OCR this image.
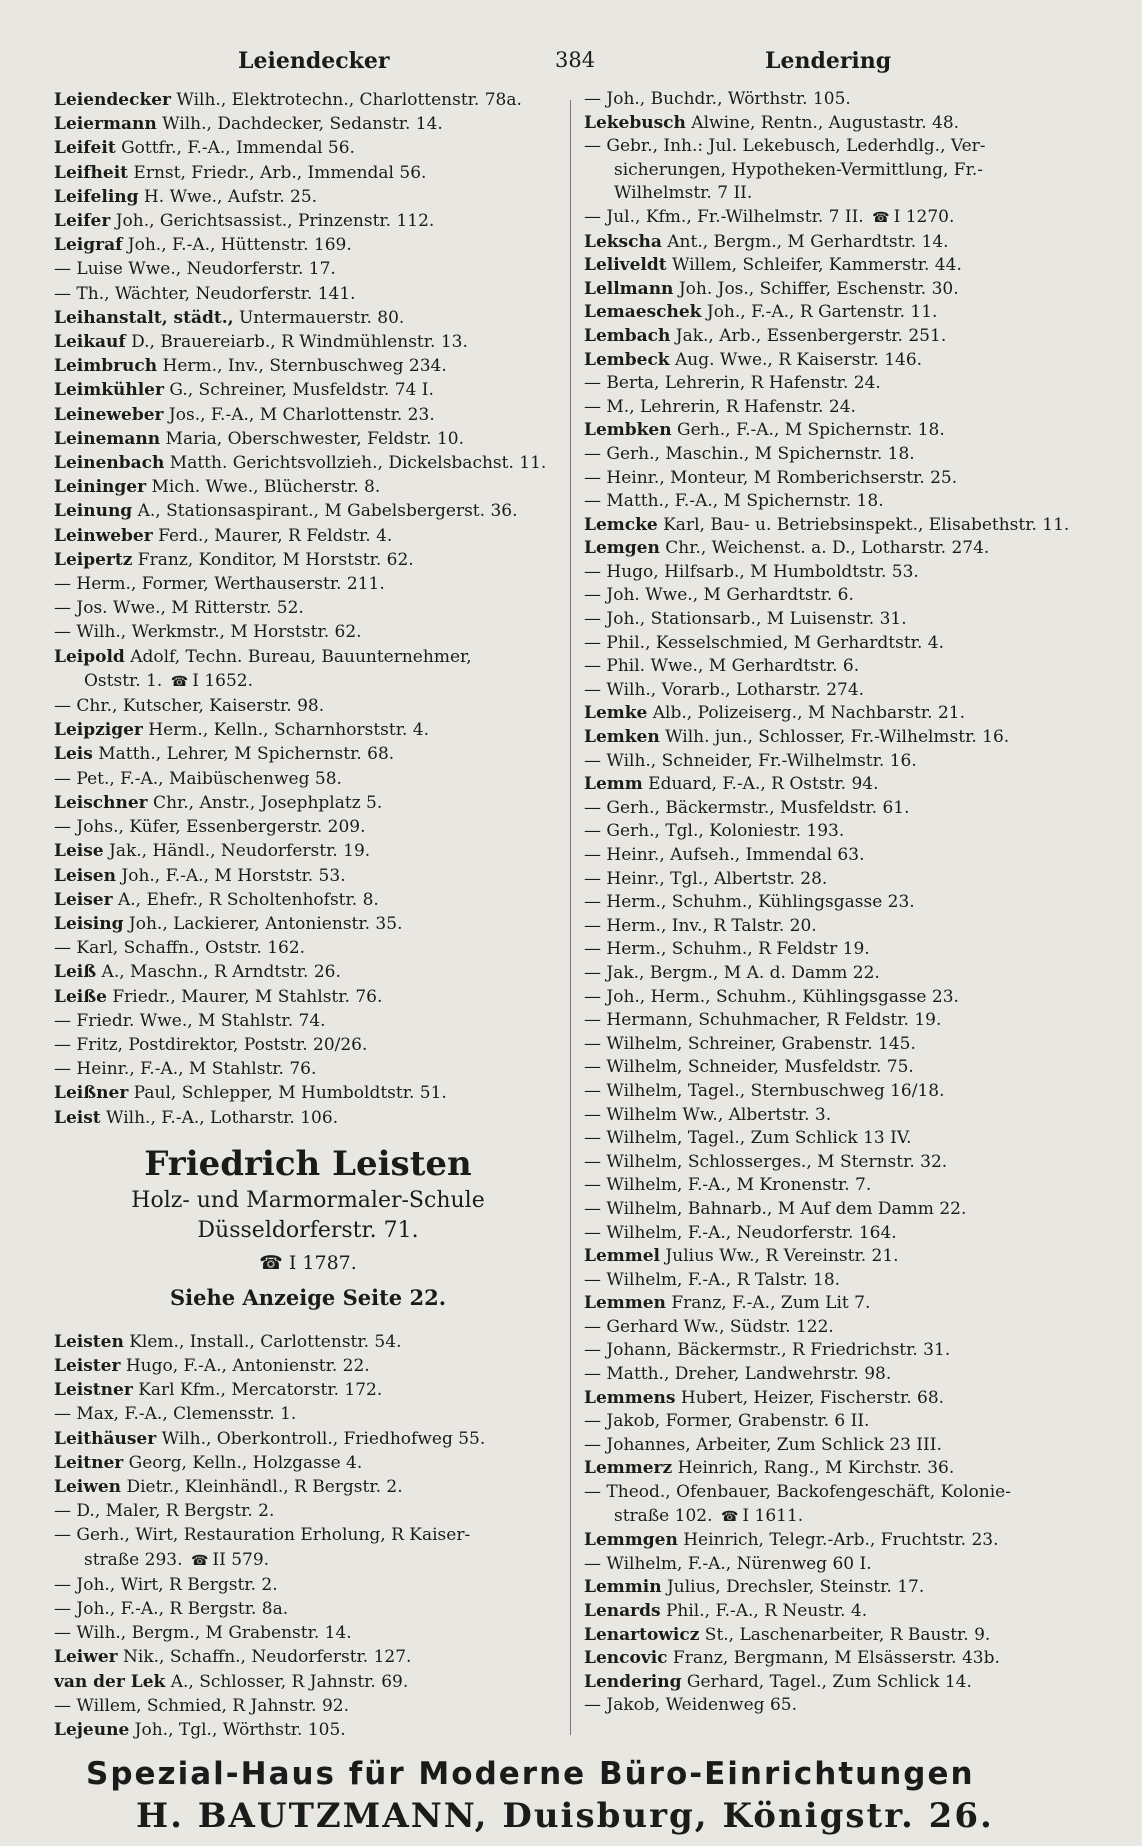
Leiendecker	384	Lendering
Leiendecker Wilh., Elektrotechn., Charlottenstr. 78a.
Leiermann Wilh., Dachdecker, Sedanstr. 14.
Leifeit Gottfr., F.-A., Immendal 56.
Leifheit Ernst, Friedr., Arb., Immendal 56.
Leifeling H. Wwe., Aufstr. 25.
Leifer Joh., Gerichtsassist., Prinzenstr. 112.
Leigraf Joh., F.-A., Hüttenstr. 169.
— Luise Wwe., Neudorferstr. 17.
— Th., Wächter, Neudorferstr. 141.
Leihanstalt, städt., Untermauerstr. 80.
Leikauf D., Brauereiarb., R Windmühlenstr. 13.
Leimbruch Herm., Inv., Sternbuschweg 234.
Leimkühler G., Schreiner, Musfeldstr. 74 I.
Leineweber Jos., F.-A., M Charlottenstr. 23.
Leinemann Maria, Oberschwester, Feldstr. 10.
Leinenbach Matth. Gerichtsvollzieh., Dickelsbachst. 11.
Leininger Mich. Wwe., Blücherstr. 8.
Leinung A., Stationsaspirant., M Gabelsbergerst. 36.
Leinweber Ferd., Maurer, R Feldstr. 4.
Leipertz Franz, Konditor, M Horststr. 62.
— Herm., Former, Werthauserstr. 211.
— Jos. Wwe., M Ritterstr. 52.
— Wilh., Werkmstr., M Horststr. 62.
Leipold Adolf, Techn. Bureau, Bauunternehmer,
Oststr. 1. ☎ I 1652.
— Chr., Kutscher, Kaiserstr. 98.
Leipziger Herm., Kelln., Scharnhorststr. 4.
Leis Matth., Lehrer, M Spichernstr. 68.
— Pet., F.-A., Maibüschenweg 58.
Leischner Chr., Anstr., Josephplatz 5.
— Johs., Küfer, Essenbergerstr. 209.
Leise Jak., Händl., Neudorferstr. 19.
Leisen Joh., F.-A., M Horststr. 53.
Leiser A., Ehefr., R Scholtenhofstr. 8.
Leising Joh., Lackierer, Antonienstr. 35.
— Karl, Schaffn., Oststr. 162.
Leiß A., Maschn., R Arndtstr. 26.
Leiße Friedr., Maurer, M Stahlstr. 76.
— Friedr. Wwe., M Stahlstr. 74.
— Fritz, Postdirektor, Poststr. 20/26.
— Heinr., F.-A., M Stahlstr. 76.
Leißner Paul, Schlepper, M Humboldtstr. 51.
Leist Wilh., F.-A., Lotharstr. 106.
Friedrich Leisten
Holz- und Marmormaler-Schule
Düsseldorferstr. 71.
☎ I 1787.
Siehe Anzeige Seite 22.
Leisten Klem., Install., Carlottenstr. 54.
Leister Hugo, F.-A., Antonienstr. 22.
Leistner Karl Kfm., Mercatorstr. 172.
— Max, F.-A., Clemensstr. 1.
Leithäuser Wilh., Oberkontroll., Friedhofweg 55.
Leitner Georg, Kelln., Holzgasse 4.
Leiwen Dietr., Kleinhändl., R Bergstr. 2.
— D., Maler, R Bergstr. 2.
— Gerh., Wirt, Restauration Erholung, R Kaiser-
straße 293. ☎ II 579.
— Joh., Wirt, R Bergstr. 2.
— Joh., F.-A., R Bergstr. 8a.
— Wilh., Bergm., M Grabenstr. 14.
Leiwer Nik., Schaffn., Neudorferstr. 127.
van der Lek A., Schlosser, R Jahnstr. 69.
— Willem, Schmied, R Jahnstr. 92.
Lejeune Joh., Tgl., Wörthstr. 105.
— Joh., Buchdr., Wörthstr. 105.
Lekebusch Alwine, Rentn., Augustastr. 48.
— Gebr., Inh.: Jul. Lekebusch, Lederhdlg., Ver-
sicherungen, Hypotheken-Vermittlung, Fr.-
Wilhelmstr. 7 II.
— Jul., Kfm., Fr.-Wilhelmstr. 7 II. ☎ I 1270.
Lekscha Ant., Bergm., M Gerhardtstr. 14.
Leliveldt Willem, Schleifer, Kammerstr. 44.
Lellmann Joh. Jos., Schiffer, Eschenstr. 30.
Lemaeschek Joh., F.-A., R Gartenstr. 11.
Lembach Jak., Arb., Essenbergerstr. 251.
Lembeck Aug. Wwe., R Kaiserstr. 146.
— Berta, Lehrerin, R Hafenstr. 24.
— M., Lehrerin, R Hafenstr. 24.
Lembken Gerh., F.-A., M Spichernstr. 18.
— Gerh., Maschin., M Spichernstr. 18.
— Heinr., Monteur, M Romberichserstr. 25.
— Matth., F.-A., M Spichernstr. 18.
Lemcke Karl, Bau- u. Betriebsinspekt., Elisabethstr. 11.
Lemgen Chr., Weichenst. a. D., Lotharstr. 274.
— Hugo, Hilfsarb., M Humboldtstr. 53.
— Joh. Wwe., M Gerhardtstr. 6.
— Joh., Stationsarb., M Luisenstr. 31.
— Phil., Kesselschmied, M Gerhardtstr. 4.
— Phil. Wwe., M Gerhardtstr. 6.
— Wilh., Vorarb., Lotharstr. 274.
Lemke Alb., Polizeiserg., M Nachbarstr. 21.
Lemken Wilh. jun., Schlosser, Fr.-Wilhelmstr. 16.
— Wilh., Schneider, Fr.-Wilhelmstr. 16.
Lemm Eduard, F.-A., R Oststr. 94.
— Gerh., Bäckermstr., Musfeldstr. 61.
— Gerh., Tgl., Koloniestr. 193.
— Heinr., Aufseh., Immendal 63.
— Heinr., Tgl., Albertstr. 28.
— Herm., Schuhm., Kühlingsgasse 23.
— Herm., Inv., R Talstr. 20.
— Herm., Schuhm., R Feldstr 19.
— Jak., Bergm., M A. d. Damm 22.
— Joh., Herm., Schuhm., Kühlingsgasse 23.
— Hermann, Schuhmacher, R Feldstr. 19.
— Wilhelm, Schreiner, Grabenstr. 145.
— Wilhelm, Schneider, Musfeldstr. 75.
— Wilhelm, Tagel., Sternbuschweg 16/18.
— Wilhelm Ww., Albertstr. 3.
— Wilhelm, Tagel., Zum Schlick 13 IV.
— Wilhelm, Schlosserges., M Sternstr. 32.
— Wilhelm, F.-A., M Kronenstr. 7.
— Wilhelm, Bahnarb., M Auf dem Damm 22.
— Wilhelm, F.-A., Neudorferstr. 164.
Lemmel Julius Ww., R Vereinstr. 21.
— Wilhelm, F.-A., R Talstr. 18.
Lemmen Franz, F.-A., Zum Lit 7.
— Gerhard Ww., Südstr. 122.
— Johann, Bäckermstr., R Friedrichstr. 31.
— Matth., Dreher, Landwehrstr. 98.
Lemmens Hubert, Heizer, Fischerstr. 68.
— Jakob, Former, Grabenstr. 6 II.
— Johannes, Arbeiter, Zum Schlick 23 III.
Lemmerz Heinrich, Rang., M Kirchstr. 36.
— Theod., Ofenbauer, Backofengeschäft, Kolonie-
straße 102. ☎ I 1611.
Lemmgen Heinrich, Telegr.-Arb., Fruchtstr. 23.
— Wilhelm, F.-A., Nürenweg 60 I.
Lemmin Julius, Drechsler, Steinstr. 17.
Lenards Phil., F.-A., R Neustr. 4.
Lenartowicz St., Laschenarbeiter, R Baustr. 9.
Lencovic Franz, Bergmann, M Elsässerstr. 43b.
Lendering Gerhard, Tagel., Zum Schlick 14.
— Jakob, Weidenweg 65.
Spezial-Haus für Moderne Büro-Einrichtungen
H. BAUTZMANN, Duisburg, Königstr. 26.
